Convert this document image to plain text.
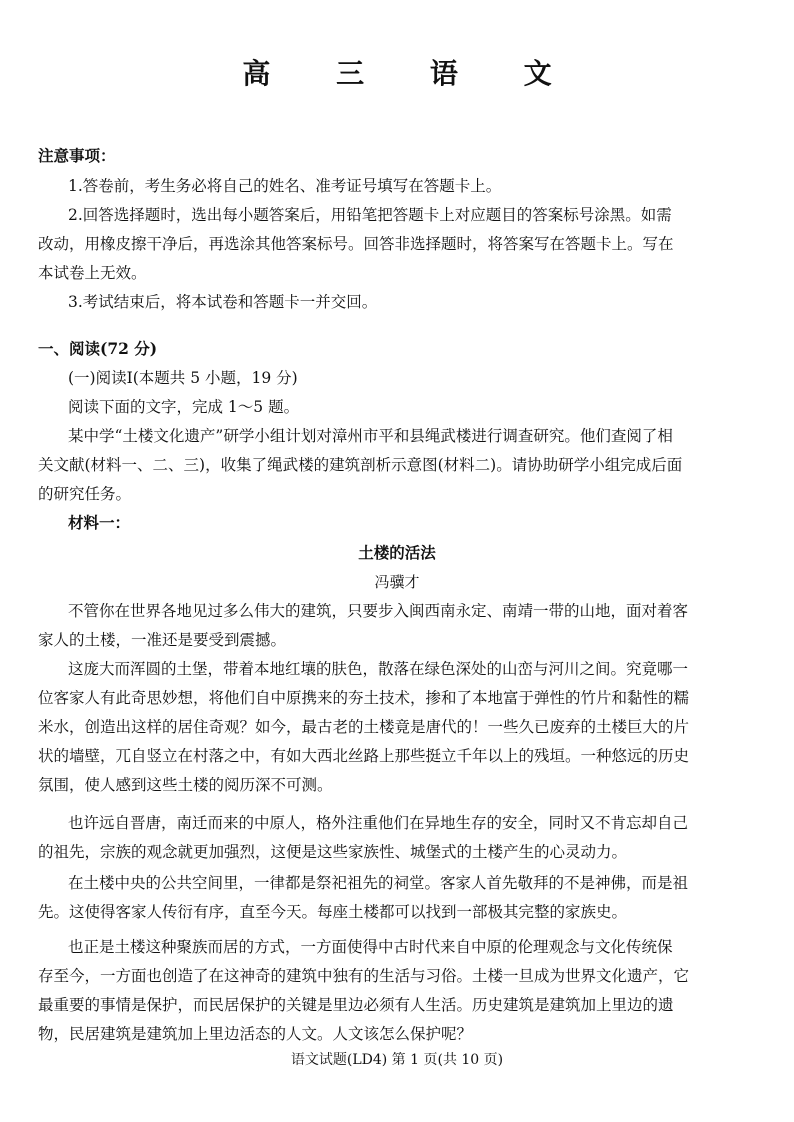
高 三 语 文
注意事项：
1.答卷前，考生务必将自己的姓名、准考证号填写在答题卡上。
2.回答选择题时，选出每小题答案后，用铅笔把答题卡上对应题目的答案标号涂黑。如需
改动，用橡皮擦干净后，再选涂其他答案标号。回答非选择题时，将答案写在答题卡上。写在
本试卷上无效。
3.考试结束后，将本试卷和答题卡一并交回。
一、阅读(72 分)
(一)阅读Ⅰ(本题共 5 小题，19 分)
阅读下面的文字，完成 1～5 题。
某中学“土楼文化遗产”研学小组计划对漳州市平和县绳武楼进行调查研究。他们查阅了相
关文献(材料一、二、三)，收集了绳武楼的建筑剖析示意图(材料二)。请协助研学小组完成后面
的研究任务。
材料一：
土楼的活法
冯骥才
不管你在世界各地见过多么伟大的建筑，只要步入闽西南永定、南靖一带的山地，面对着客
家人的土楼，一准还是要受到震撼。
这庞大而浑圆的土堡，带着本地红壤的肤色，散落在绿色深处的山峦与河川之间。究竟哪一
位客家人有此奇思妙想，将他们自中原携来的夯土技术，掺和了本地富于弹性的竹片和黏性的糯
米水，创造出这样的居住奇观？如今，最古老的土楼竟是唐代的！一些久已废弃的土楼巨大的片
状的墙壁，兀自竖立在村落之中，有如大西北丝路上那些挺立千年以上的残垣。一种悠远的历史
氛围，使人感到这些土楼的阅历深不可测。
也许远自晋唐，南迁而来的中原人，格外注重他们在异地生存的安全，同时又不肯忘却自己
的祖先，宗族的观念就更加强烈，这便是这些家族性、城堡式的土楼产生的心灵动力。
在土楼中央的公共空间里，一律都是祭祀祖先的祠堂。客家人首先敬拜的不是神佛，而是祖
先。这使得客家人传衍有序，直至今天。每座土楼都可以找到一部极其完整的家族史。
也正是土楼这种聚族而居的方式，一方面使得中古时代来自中原的伦理观念与文化传统保
存至今，一方面也创造了在这神奇的建筑中独有的生活与习俗。土楼一旦成为世界文化遗产，它
最重要的事情是保护，而民居保护的关键是里边必须有人生活。历史建筑是建筑加上里边的遗
物，民居建筑是建筑加上里边活态的人文。人文该怎么保护呢？
语文试题(LD4) 第 1 页(共 10 页)
